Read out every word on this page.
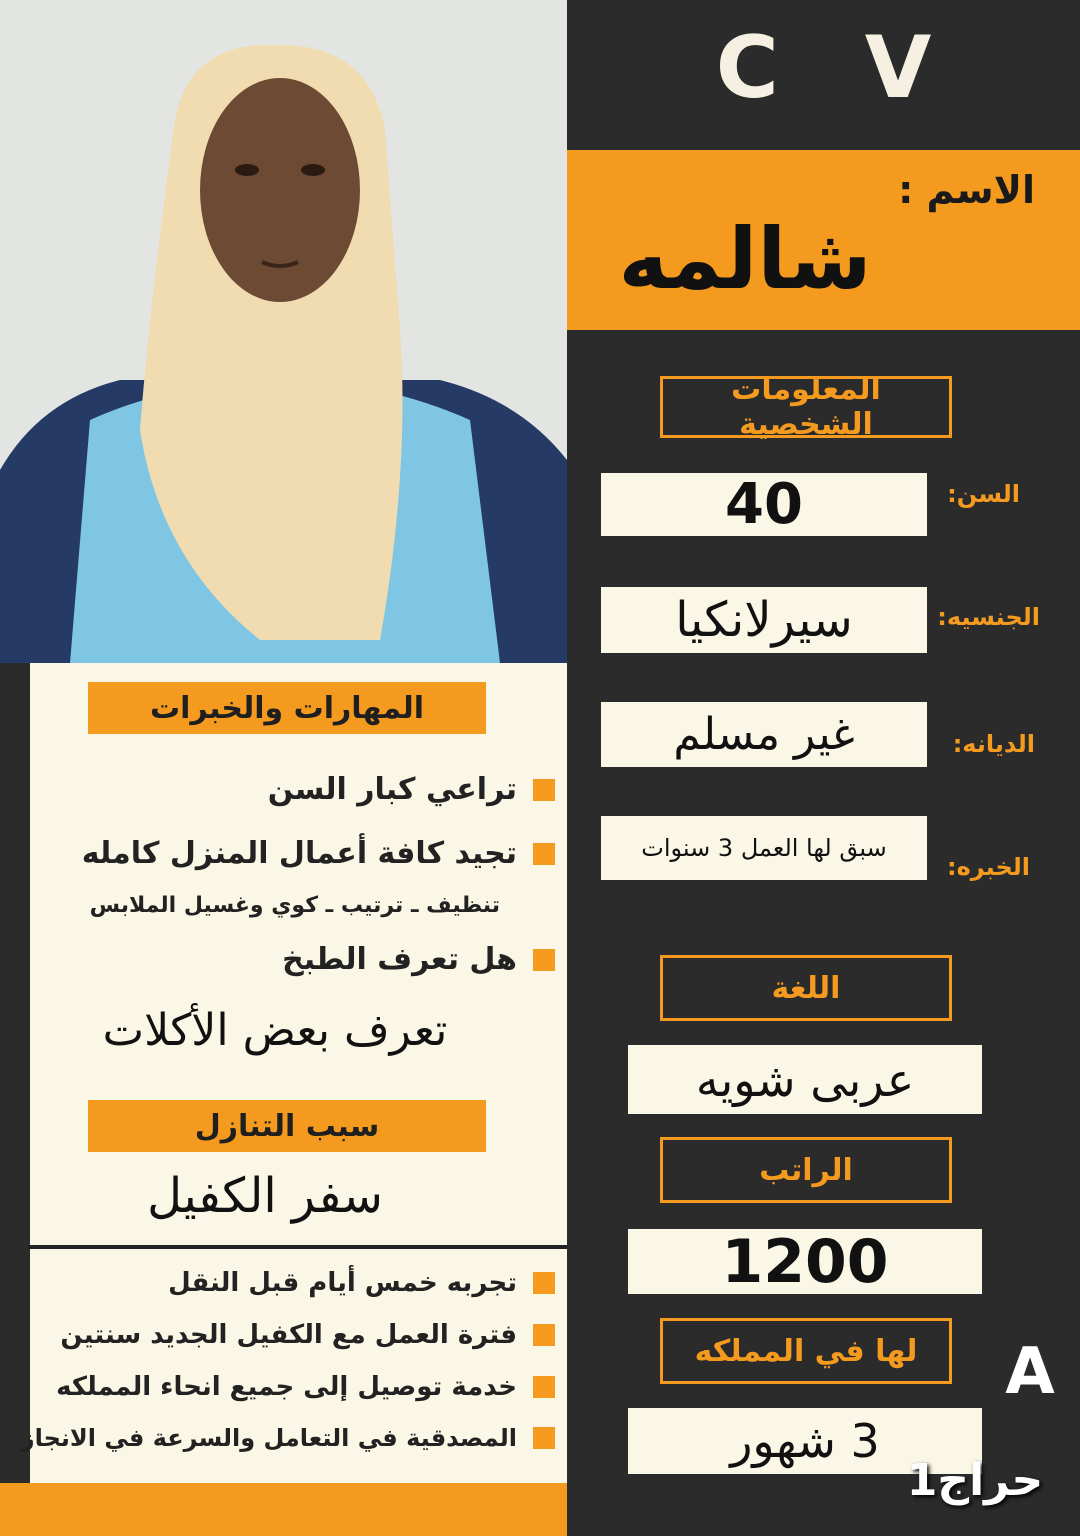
C V
الاسم :
شالمه
المعلومات الشخصية
السن:
40
الجنسيه:
سيرلانكيا
الديانه:
غير مسلم
الخبره:
سبق لها العمل 3 سنوات
اللغة
عربى شويه
الراتب
1200
لها في المملكه
3 شهور
A
حراج1
المهارات والخبرات
تراعي كبار السن
تجيد كافة أعمال المنزل كامله
تنظيف ـ ترتيب ـ كوي وغسيل الملابس
هل تعرف الطبخ
تعرف بعض الأكلات
سبب التنازل
سفر الكفيل
تجربه خمس أيام قبل النقل
فترة العمل مع الكفيل الجديد سنتين
خدمة توصيل إلى جميع انحاء المملكه
المصدقية في التعامل والسرعة في الانجاز
